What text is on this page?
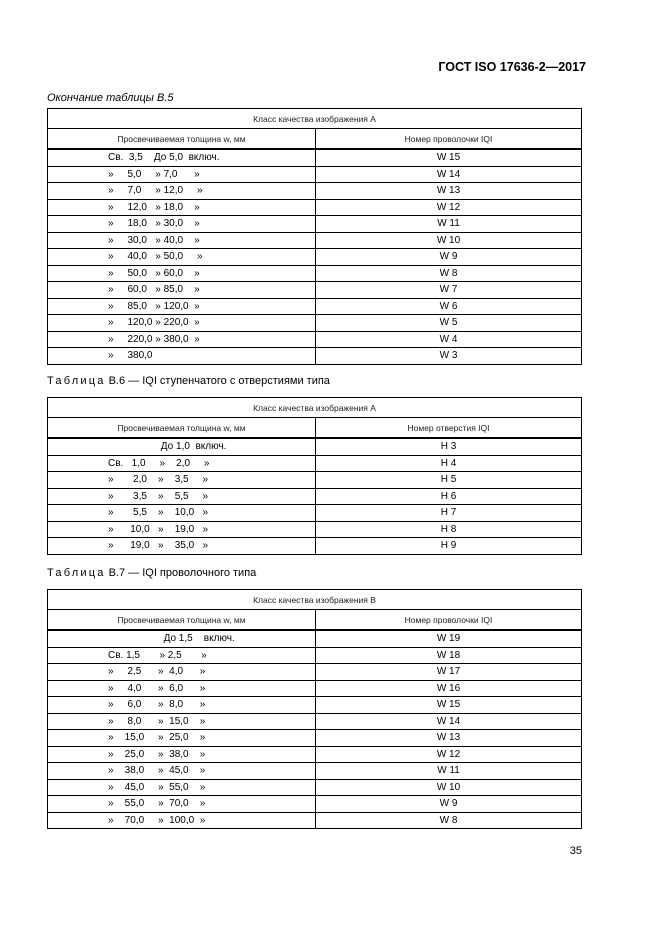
ГОСТ ISO 17636-2—2017
Окончание таблицы В.5
Класс качества изображения А	
Просвечиваемая толщина w, мм	Номер проволочки IQI
Св.  3,5    До 5,0  включ.	W 15
»     5,0     » 7,0      »	W 14
»     7,0     » 12,0     »	W 13
»     12,0   » 18,0    »	W 12
»     18,0   » 30,0    »	W 11
»     30,0   » 40,0    »	W 10
»     40,0   » 50,0     »	W 9
»     50,0   » 60,0    »	W 8
»     60,0   » 85,0    »	W 7
»     85,0   » 120,0  »	W 6
»     120,0 » 220,0  »	W 5
»     220,0 » 380,0  »	W 4
»     380,0	W 3
Таблица В.6 — IQI ступенчатого с отверстиями типа
Класс качества изображения А	
Просвечиваемая толщина w, мм	Номер отверстия IQI
До 1,0  включ.	H 3
Св.   1,0     »    2,0     »	H 4
»       2,0    »    3,5     »	H 5
»       3,5    »    5,5     »	H 6
»       5,5    »    10,0   »	H 7
»      10,0   »    19,0   »	H 8
»      19,0   »    35,0   »	H 9
Таблица В.7 — IQI проволочного типа
Класс качества изображения В	
Просвечиваемая толщина w, мм	Номер проволочки IQI
До 1,5    включ.	W 19
Св. 1,5       » 2,5       »	W 18
»     2,5      »  4,0      »	W 17
»     4,0      »  6,0      »	W 16
»     6,0      »  8,0      »	W 15
»     8,0      »  15,0    »	W 14
»    15,0     »  25,0    »	W 13
»    25,0     »  38,0    »	W 12
»    38,0     »  45,0    »	W 11
»    45,0     »  55,0    »	W 10
»    55,0     »  70,0    »	W 9
»    70,0     »  100,0  »	W 8
35
